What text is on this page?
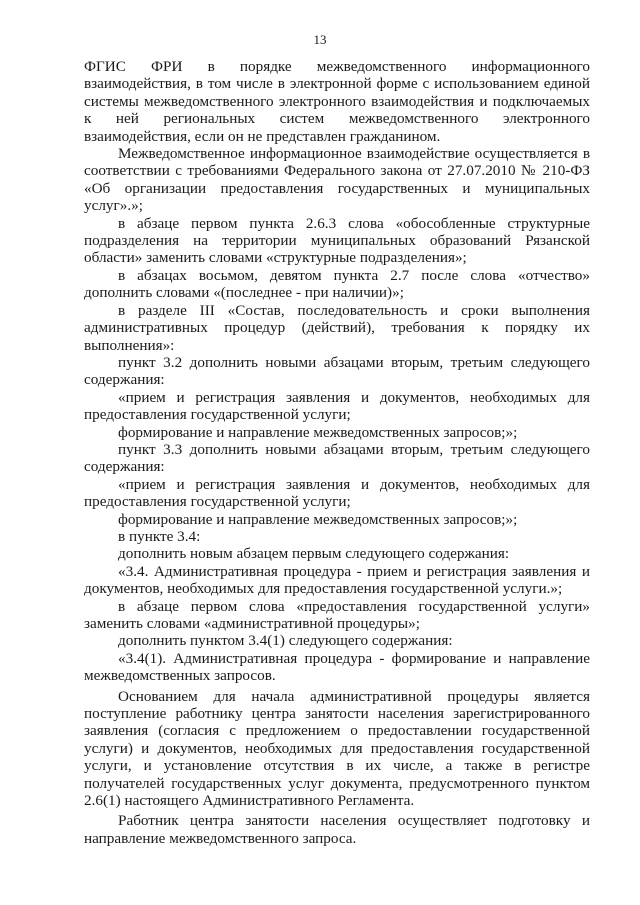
13

ФГИС ФРИ в порядке межведомственного информационного взаимодействия, в том числе в электронной форме с использованием единой системы межведомственного электронного взаимодействия и подключаемых к ней региональных систем межведомственного электронного взаимодействия, если он не представлен гражданином.

Межведомственное информационное взаимодействие осуществляется в соответствии с требованиями Федерального закона от 27.07.2010 № 210-ФЗ «Об организации предоставления государственных и муниципальных услуг».»;

в абзаце первом пункта 2.6.3 слова «обособленные структурные подразделения на территории муниципальных образований Рязанской области» заменить словами «структурные подразделения»;

в абзацах восьмом, девятом пункта 2.7 после слова «отчество» дополнить словами «(последнее - при наличии)»;

в разделе III «Состав, последовательность и сроки выполнения административных процедур (действий), требования к порядку их выполнения»:

пункт 3.2 дополнить новыми абзацами вторым, третьим следующего содержания:

«прием и регистрация заявления и документов, необходимых для предоставления государственной услуги;

формирование и направление межведомственных запросов;»;

пункт 3.3 дополнить новыми абзацами вторым, третьим следующего содержания:

«прием и регистрация заявления и документов, необходимых для предоставления государственной услуги;

формирование и направление межведомственных запросов;»;

в пункте 3.4:

дополнить новым абзацем первым следующего содержания:

«3.4. Административная процедура - прием и регистрация заявления и документов, необходимых для предоставления государственной услуги.»;

в абзаце первом слова «предоставления государственной услуги» заменить словами «административной процедуры»;

дополнить пунктом 3.4(1) следующего содержания:

«3.4(1). Административная процедура - формирование и направление межведомственных запросов.

Основанием для начала административной процедуры является поступление работнику центра занятости населения зарегистрированного заявления (согласия с предложением о предоставлении государственной услуги) и документов, необходимых для предоставления государственной услуги, и установление отсутствия в их числе, а также в регистре получателей государственных услуг документа, предусмотренного пунктом 2.6(1) настоящего Административного Регламента.

Работник центра занятости населения осуществляет подготовку и направление межведомственного запроса.
